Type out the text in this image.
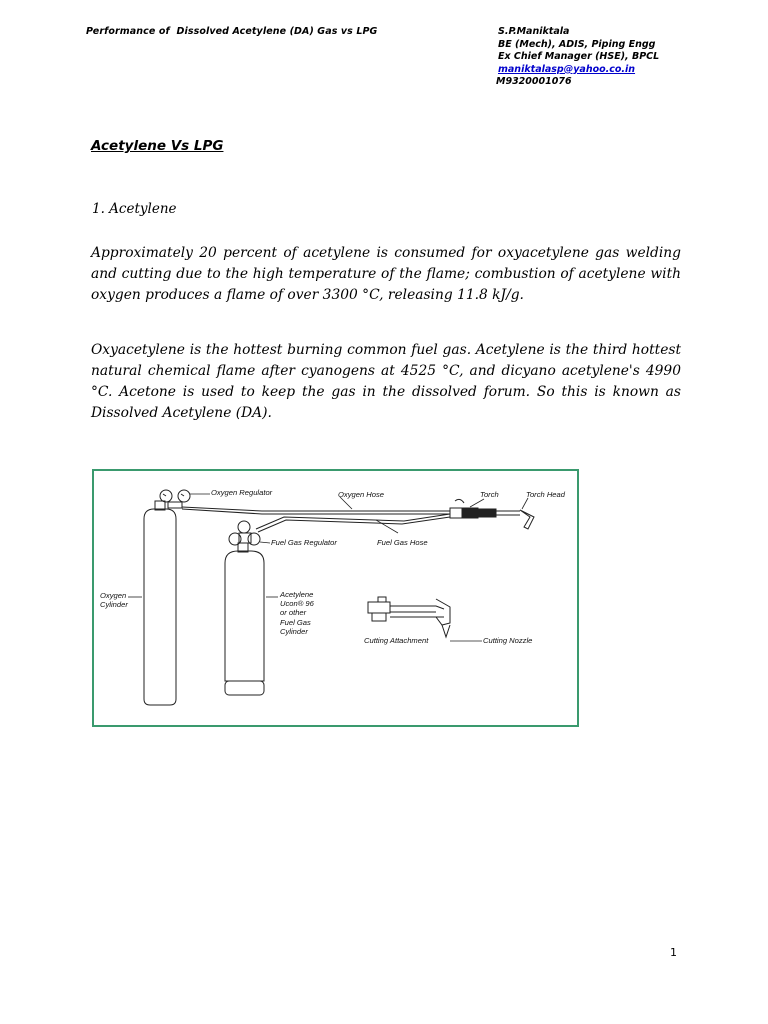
Performance of  Dissolved Acetylene (DA) Gas vs LPG	S.P.Maniktala
BE (Mech), ADIS, Piping Engg
Ex Chief Manager (HSE), BPCL
maniktalasp@yahoo.co.in
M9320001076
Acetylene Vs LPG
1. Acetylene

Approximately 20 percent of acetylene is consumed for oxyacetylene gas welding and cutting due to the high temperature of the flame; combustion of acetylene with oxygen produces a flame of over 3300 °C, releasing 11.8 kJ/g.

Oxyacetylene is the hottest burning common fuel gas. Acetylene is the third hottest natural chemical flame after cyanogens at 4525 °C, and dicyano acetylene's 4990 °C. Acetone is used to keep the gas in the dissolved forum. So this is known as Dissolved Acetylene (DA).

Oxygen Regulator	Oxygen Hose	Torch	Torch Head
Fuel Gas Regulator	Fuel Gas Hose
Oxygen
Cylinder
Acetylene
Ucon® 96
or other
Fuel Gas
Cylinder
Cutting Attachment	Cutting Nozzle
1
